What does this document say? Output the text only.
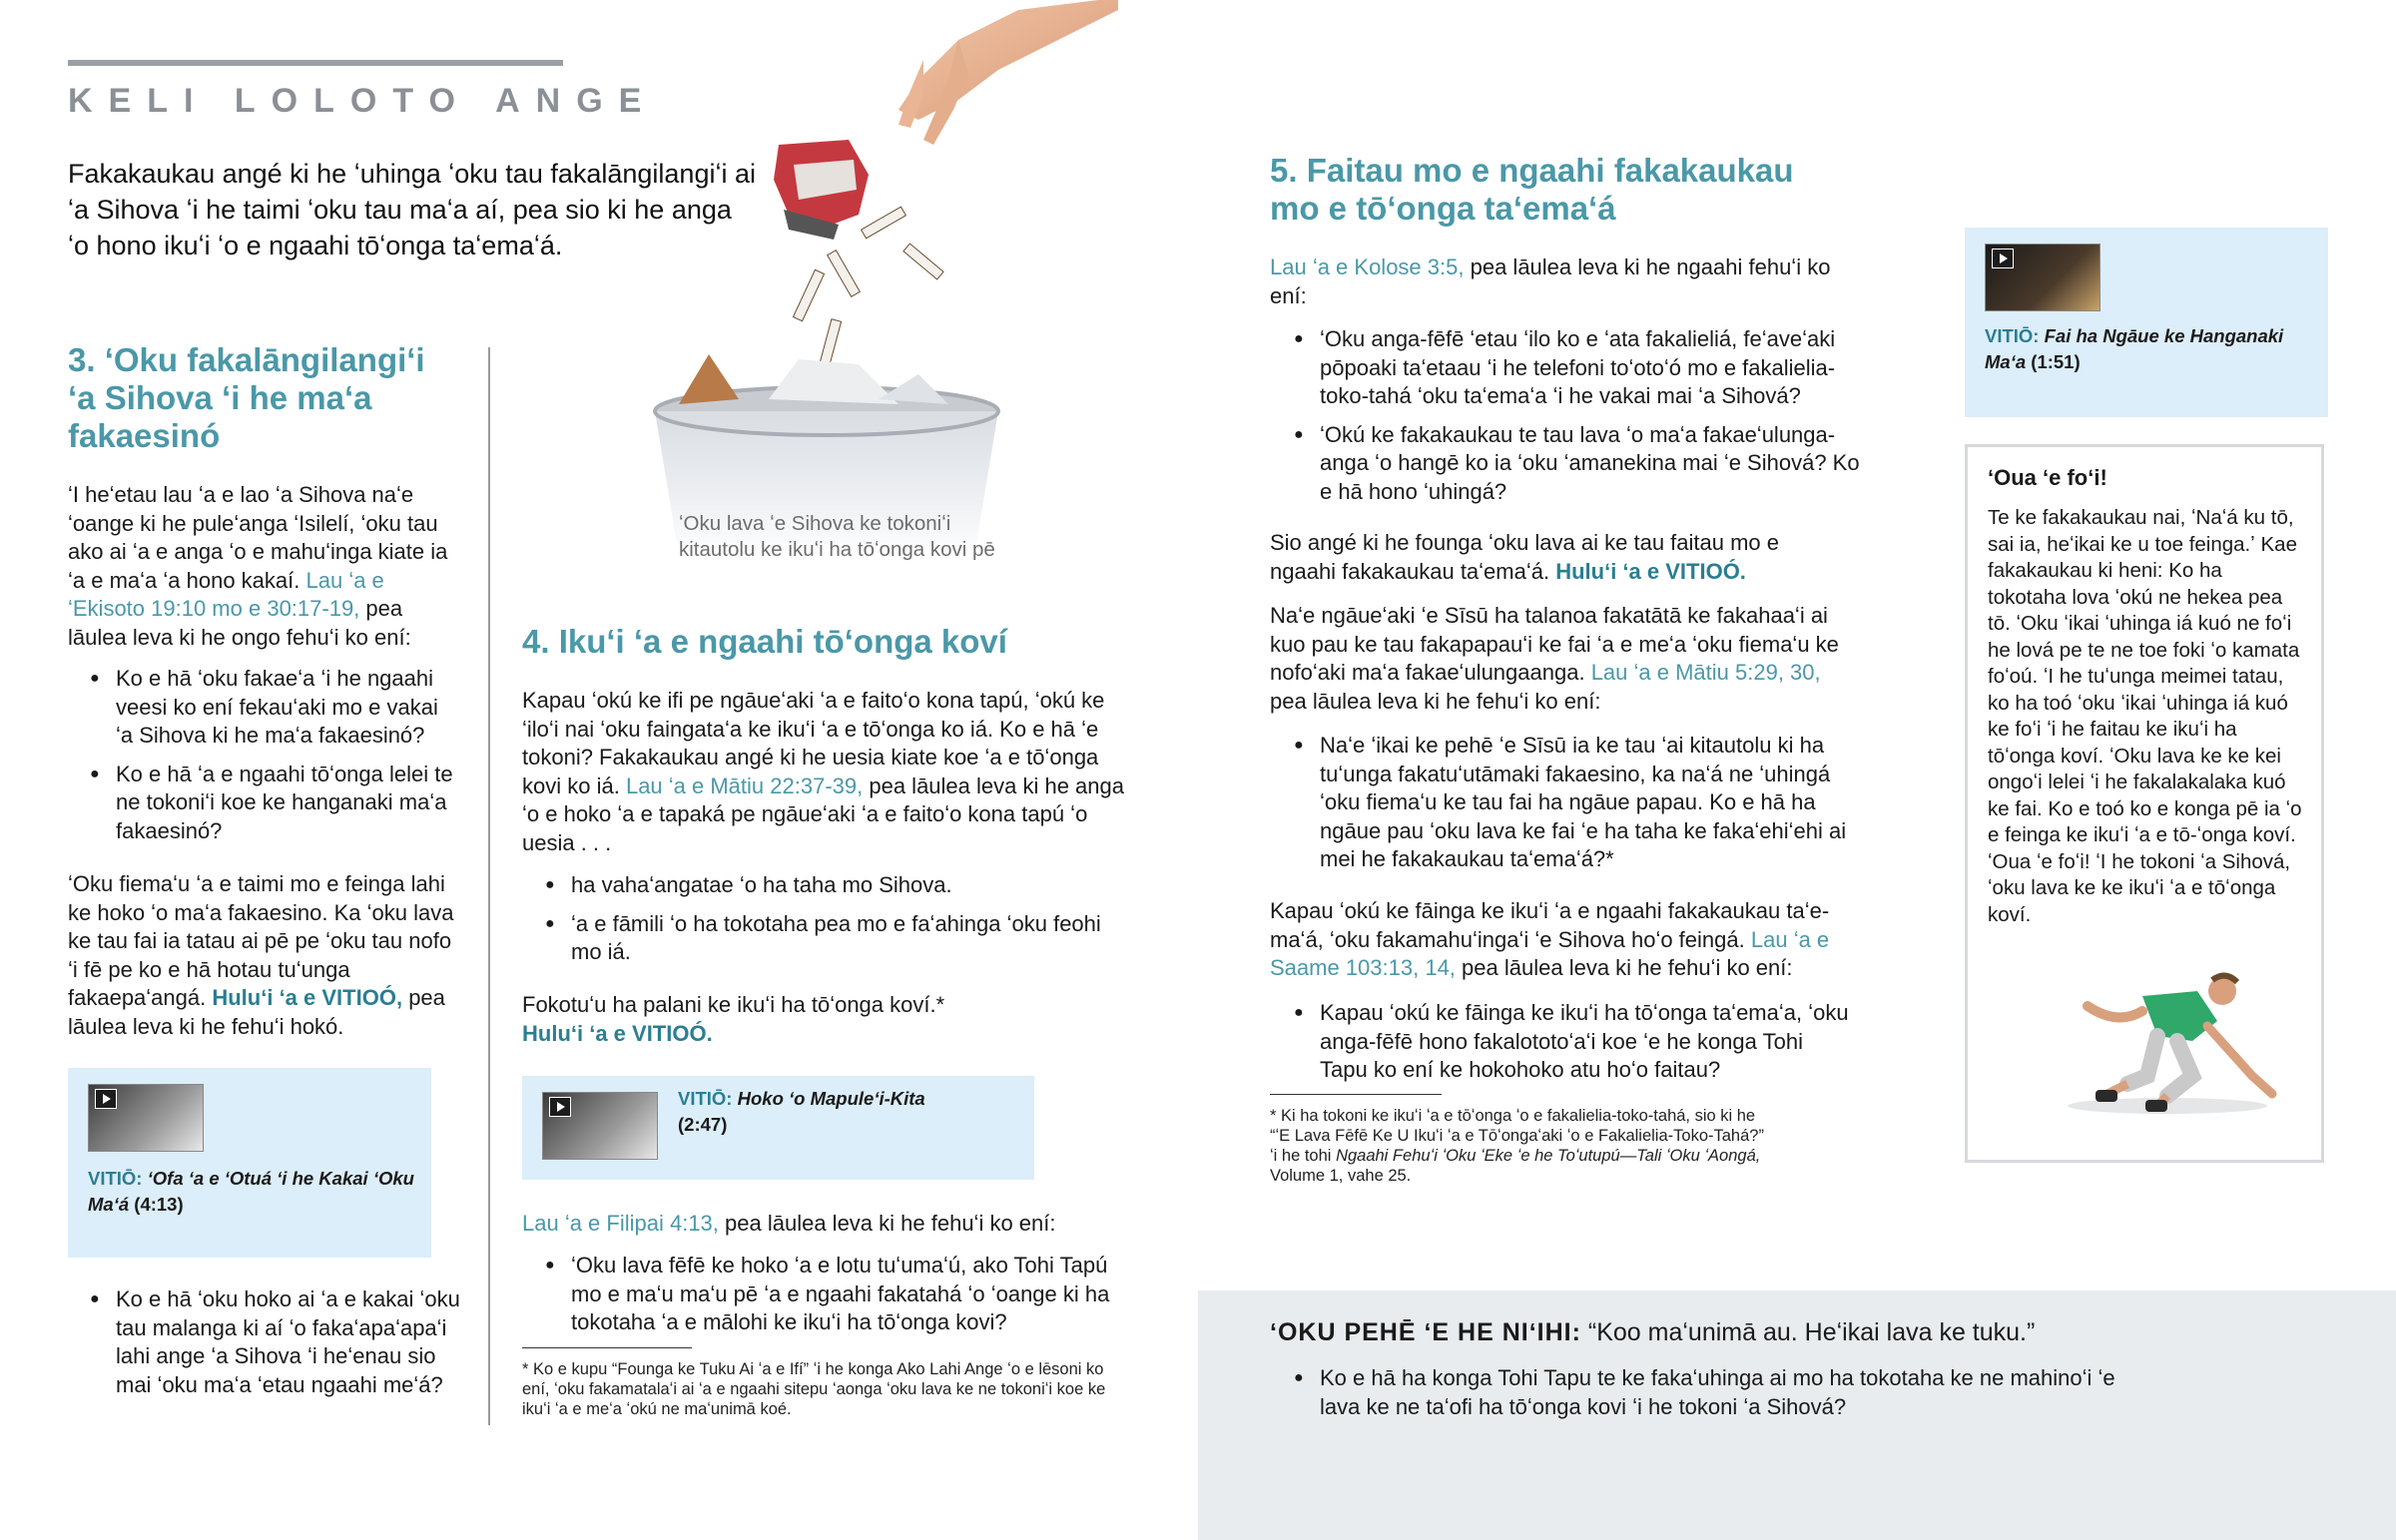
KELI LOLOTO ANGE
Fakakaukau angé ki he ʻuhinga ʻoku tau fakalāngilangiʻi ai ʻa Sihova ʻi he taimi ʻoku tau maʻa aí, pea sio ki he anga ʻo hono ikuʻi ʻo e ngaahi tōʻonga taʻemaʻá.
ʻOku lava ʻe Sihova ke tokoniʻi
kitautolu ke ikuʻi ha tōʻonga kovi pē
3. ʻOku fakalāngilangiʻi
ʻa Sihova ʻi he maʻa
fakaesinó
ʻI heʻetau lau ʻa e lao ʻa Sihova naʻe ʻoange ki he puleʻanga ʻIsilelí, ʻoku tau ako ai ʻa e anga ʻo e mahuʻinga kiate ia ʻa e maʻa ʻa hono kakaí. Lau ʻa e ʻEkisoto 19:10 mo e 30:17-19, pea lāulea leva ki he ongo fehuʻi ko ení:
● Ko e hā ʻoku fakaeʻa ʻi he ngaahi veesi ko ení fekauʻaki mo e vakai ʻa Sihova ki he maʻa fakaesinó?
● Ko e hā ʻa e ngaahi tōʻonga lelei te ne tokoniʻi koe ke hanganaki maʻa fakaesinó?
ʻOku fiemaʻu ʻa e taimi mo e feinga lahi ke hoko ʻo maʻa fakaesino. Ka ʻoku lava ke tau fai ia tatau ai pē pe ʻoku tau nofo ʻi fē pe ko e hā hotau tuʻunga fakaepaʻangá. Huluʻi ʻa e VITIOÓ, pea lāulea leva ki he fehuʻi hokó.
VITIŌ: ʻOfa ʻa e ʻOtuá ʻi he Kakai ʻOku Maʻá (4:13)
● Ko e hā ʻoku hoko ai ʻa e kakai ʻoku tau malanga ki aí ʻo fakaʻapaʻapaʻi lahi ange ʻa Sihova ʻi heʻenau sio mai ʻoku maʻa ʻetau ngaahi meʻá?
4. Ikuʻi ʻa e ngaahi tōʻonga koví
Kapau ʻokú ke ifi pe ngāueʻaki ʻa e faitoʻo kona tapú, ʻokú ke ʻiloʻi nai ʻoku faingataʻa ke ikuʻi ʻa e tōʻonga ko iá. Ko e hā ʻe tokoni? Fakakaukau angé ki he uesia kiate koe ʻa e tōʻonga kovi ko iá. Lau ʻa e Mātiu 22:37-39, pea lāulea leva ki he anga ʻo e hoko ʻa e tapaká pe ngāueʻaki ʻa e faitoʻo kona tapú ʻo uesia . . .
● ha vahaʻangatae ʻo ha taha mo Sihova.
● ʻa e fāmili ʻo ha tokotaha pea mo e faʻahinga ʻoku feohi mo iá.
Fokotuʻu ha palani ke ikuʻi ha tōʻonga koví.*
Huluʻi ʻa e VITIOÓ.
VITIŌ: Hoko ʻo Mapuleʻi-Kita
(2:47)
Lau ʻa e Filipai 4:13, pea lāulea leva ki he fehuʻi ko ení:
● ʻOku lava fēfē ke hoko ʻa e lotu tuʻumaʻú, ako Tohi Tapú mo e maʻu maʻu pē ʻa e ngaahi fakatahá ʻo ʻoange ki ha tokotaha ʻa e mālohi ke ikuʻi ha tōʻonga kovi?
* Ko e kupu “Founga ke Tuku Ai ʻa e Ifí” ʻi he konga Ako Lahi Ange ʻo e lēsoni ko ení, ʻoku fakamatalaʻi ai ʻa e ngaahi sitepu ʻaonga ʻoku lava ke ne tokoniʻi koe ke ikuʻi ʻa e meʻa ʻokú ne maʻunimā koé.
5. Faitau mo e ngaahi fakakaukau
mo e tōʻonga taʻemaʻá
Lau ʻa e Kolose 3:5, pea lāulea leva ki he ngaahi fehuʻi ko ení:
● ʻOku anga-fēfē ʻetau ʻilo ko e ʻata fakalieliá, feʻaveʻaki pōpoaki taʻetaau ʻi he telefoni toʻotoʻó mo e fakalielia-toko-tahá ʻoku taʻemaʻa ʻi he vakai mai ʻa Sihová?
● ʻOkú ke fakakaukau te tau lava ʻo maʻa fakaeʻulunga-anga ʻo hangē ko ia ʻoku ʻamanekina mai ʻe Sihová? Ko e hā hono ʻuhingá?
Sio angé ki he founga ʻoku lava ai ke tau faitau mo e ngaahi fakakaukau taʻemaʻá. Huluʻi ʻa e VITIOÓ.
Naʻe ngāueʻaki ʻe Sīsū ha talanoa fakatātā ke fakahaaʻi ai kuo pau ke tau fakapapauʻi ke fai ʻa e meʻa ʻoku fiemaʻu ke nofoʻaki maʻa fakaeʻulungaanga. Lau ʻa e Mātiu 5:29, 30, pea lāulea leva ki he fehuʻi ko ení:
● Naʻe ʻikai ke pehē ʻe Sīsū ia ke tau ʻai kitautolu ki ha tuʻunga fakatuʻutāmaki fakaesino, ka naʻá ne ʻuhingá ʻoku fiemaʻu ke tau fai ha ngāue papau. Ko e hā ha ngāue pau ʻoku lava ke fai ʻe ha taha ke fakaʻehiʻehi ai mei he fakakaukau taʻemaʻá?*
Kapau ʻokú ke fāinga ke ikuʻi ʻa e ngaahi fakakaukau taʻe-maʻá, ʻoku fakamahuʻingaʻi ʻe Sihova hoʻo feingá. Lau ʻa e Saame 103:13, 14, pea lāulea leva ki he fehuʻi ko ení:
● Kapau ʻokú ke fāinga ke ikuʻi ha tōʻonga taʻemaʻa, ʻoku anga-fēfē hono fakalototoʻaʻi koe ʻe he konga Tohi Tapu ko ení ke hokohoko atu hoʻo faitau?
* Ki ha tokoni ke ikuʻi ʻa e tōʻonga ʻo e fakalielia-toko-tahá, sio ki he
“ʻE Lava Fēfē Ke U Ikuʻi ʻa e Tōʻongaʻaki ʻo e Fakalielia-Toko-Tahá?”
ʻi he tohi Ngaahi Fehuʻi ʻOku ʻEke ʻe he Toʻutupú—Tali ʻOku ʻAongá,
Volume 1, vahe 25.
VITIŌ: Fai ha Ngāue ke Hanganaki Maʻa (1:51)
ʻOua ʻe foʻi!
Te ke fakakaukau nai, ʻNaʻá ku tō, sai ia, heʻikai ke u toe feinga.ʼ Kae fakakaukau ki heni: Ko ha tokotaha lova ʻokú ne hekea pea tō. ʻOku ʻikai ʻuhinga iá kuó ne foʻi he lová pe te ne toe foki ʻo kamata foʻoú. ʻI he tuʻunga meimei tatau, ko ha toó ʻoku ʻikai ʻuhinga iá kuó ke foʻi ʻi he faitau ke ikuʻi ha tōʻonga koví. ʻOku lava ke ke kei ongoʻi lelei ʻi he fakalakalaka kuó ke fai. Ko e toó ko e konga pē ia ʻo e feinga ke ikuʻi ʻa e tō-ʻonga koví. ʻOua ʻe foʻi! ʻI he tokoni ʻa Sihová, ʻoku lava ke ke ikuʻi ʻa e tōʻonga koví.
ʻOKU PEHĒ ʻE HE NIʻIHI: “Koo maʻunimā au. Heʻikai lava ke tuku.”
● Ko e hā ha konga Tohi Tapu te ke fakaʻuhinga ai mo ha tokotaha ke ne mahinoʻi ʻe lava ke ne taʻofi ha tōʻonga kovi ʻi he tokoni ʻa Sihová?
